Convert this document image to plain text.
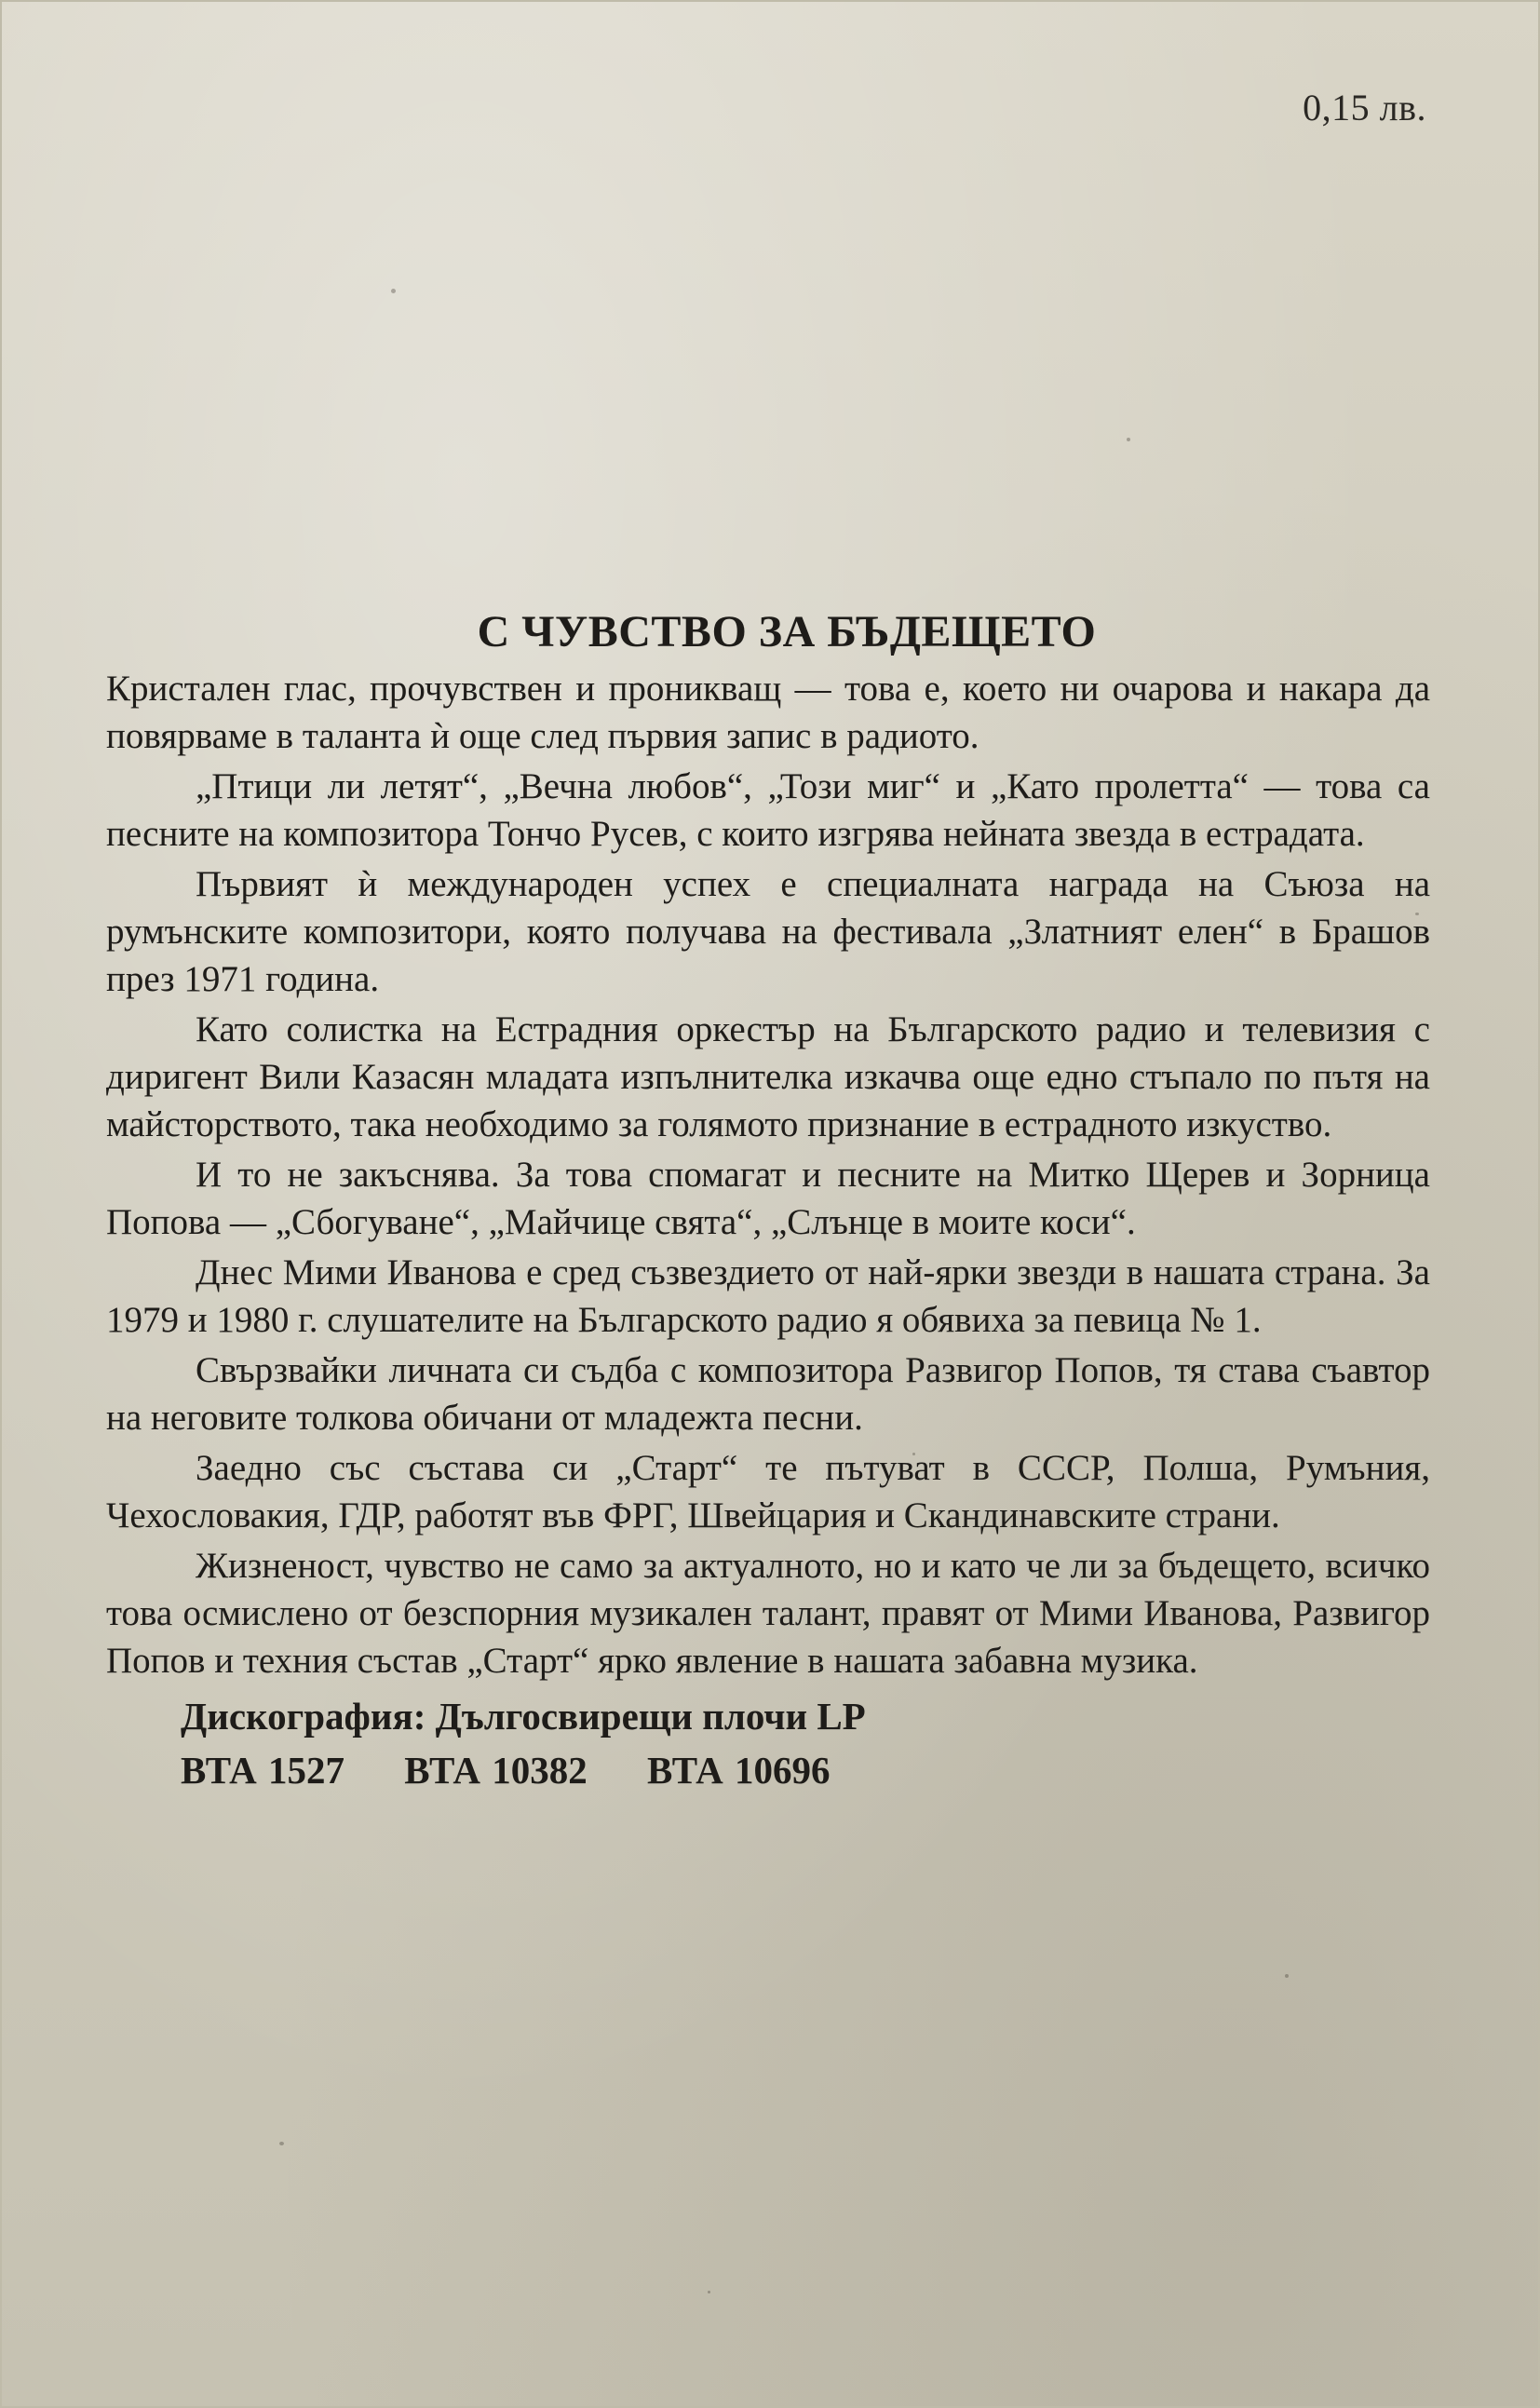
0,15 лв.
С ЧУВСТВО ЗА БЪДЕЩЕТО

Кристален глас, прочувствен и проникващ — това е, което ни очарова и накара да повярваме в таланта ѝ още след първия запис в радиото.

„Птици ли летят“, „Вечна любов“, „Този миг“ и „Като пролетта“ — това са песните на композитора Тончо Русев, с които изгрява нейната звезда в естрадата.

Първият ѝ международен успех е специалната награда на Съюза на румънските композитори, която получава на фестивала „Златният елен“ в Брашов през 1971 година.

Като солистка на Естрадния оркестър на Българското радио и телевизия с диригент Вили Казасян младата изпълнителка изкачва още едно стъпало по пътя на майсторството, така необходимо за голямото признание в естрадното изкуство.

И то не закъснява. За това спомагат и песните на Митко Щерев и Зорница Попова — „Сбогуване“, „Майчице свята“, „Слънце в моите коси“.

Днес Мими Иванова е сред съзвездието от най-ярки звезди в нашата страна. За 1979 и 1980 г. слушателите на Българското радио я обявиха за певица № 1.

Свързвайки личната си съдба с композитора Развигор Попов, тя става съавтор на неговите толкова обичани от младежта песни.

Заедно със състава си „Старт“ те пътуват в СССР, Полша, Румъния, Чехословакия, ГДР, работят във ФРГ, Швейцария и Скандинавските страни.

Жизненост, чувство не само за актуалното, но и като че ли за бъдещето, всичко това осмислено от безспорния музикален талант, правят от Мими Иванова, Развигор Попов и техния състав „Старт“ ярко явление в нашата забавна музика.

Дискография: Дългосвирещи плочи LP
ВТА 1527 ВТА 10382 ВТА 10696
